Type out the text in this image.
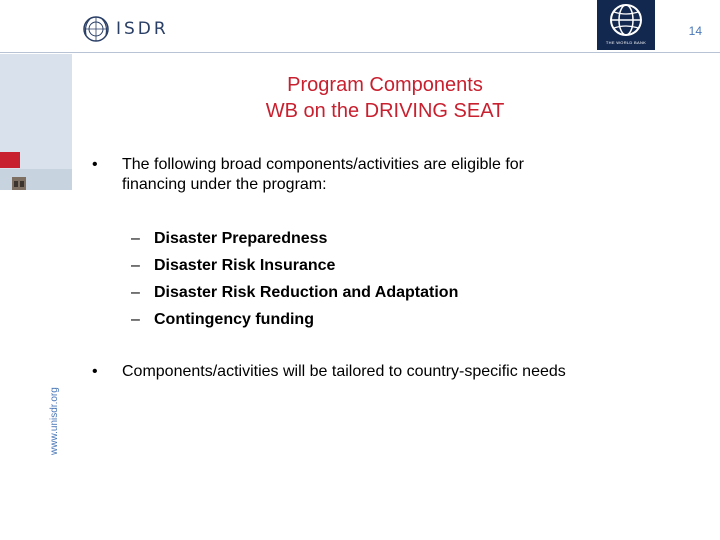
ISDR
THE WORLD BANK
14
www.unisdr.org
Program Components
WB on the DRIVING SEAT
• The following broad components/activities are eligible for
financing under the program:
– Disaster Preparedness
– Disaster Risk Insurance
– Disaster Risk Reduction and Adaptation
– Contingency funding
• Components/activities will be tailored to country-specific needs
